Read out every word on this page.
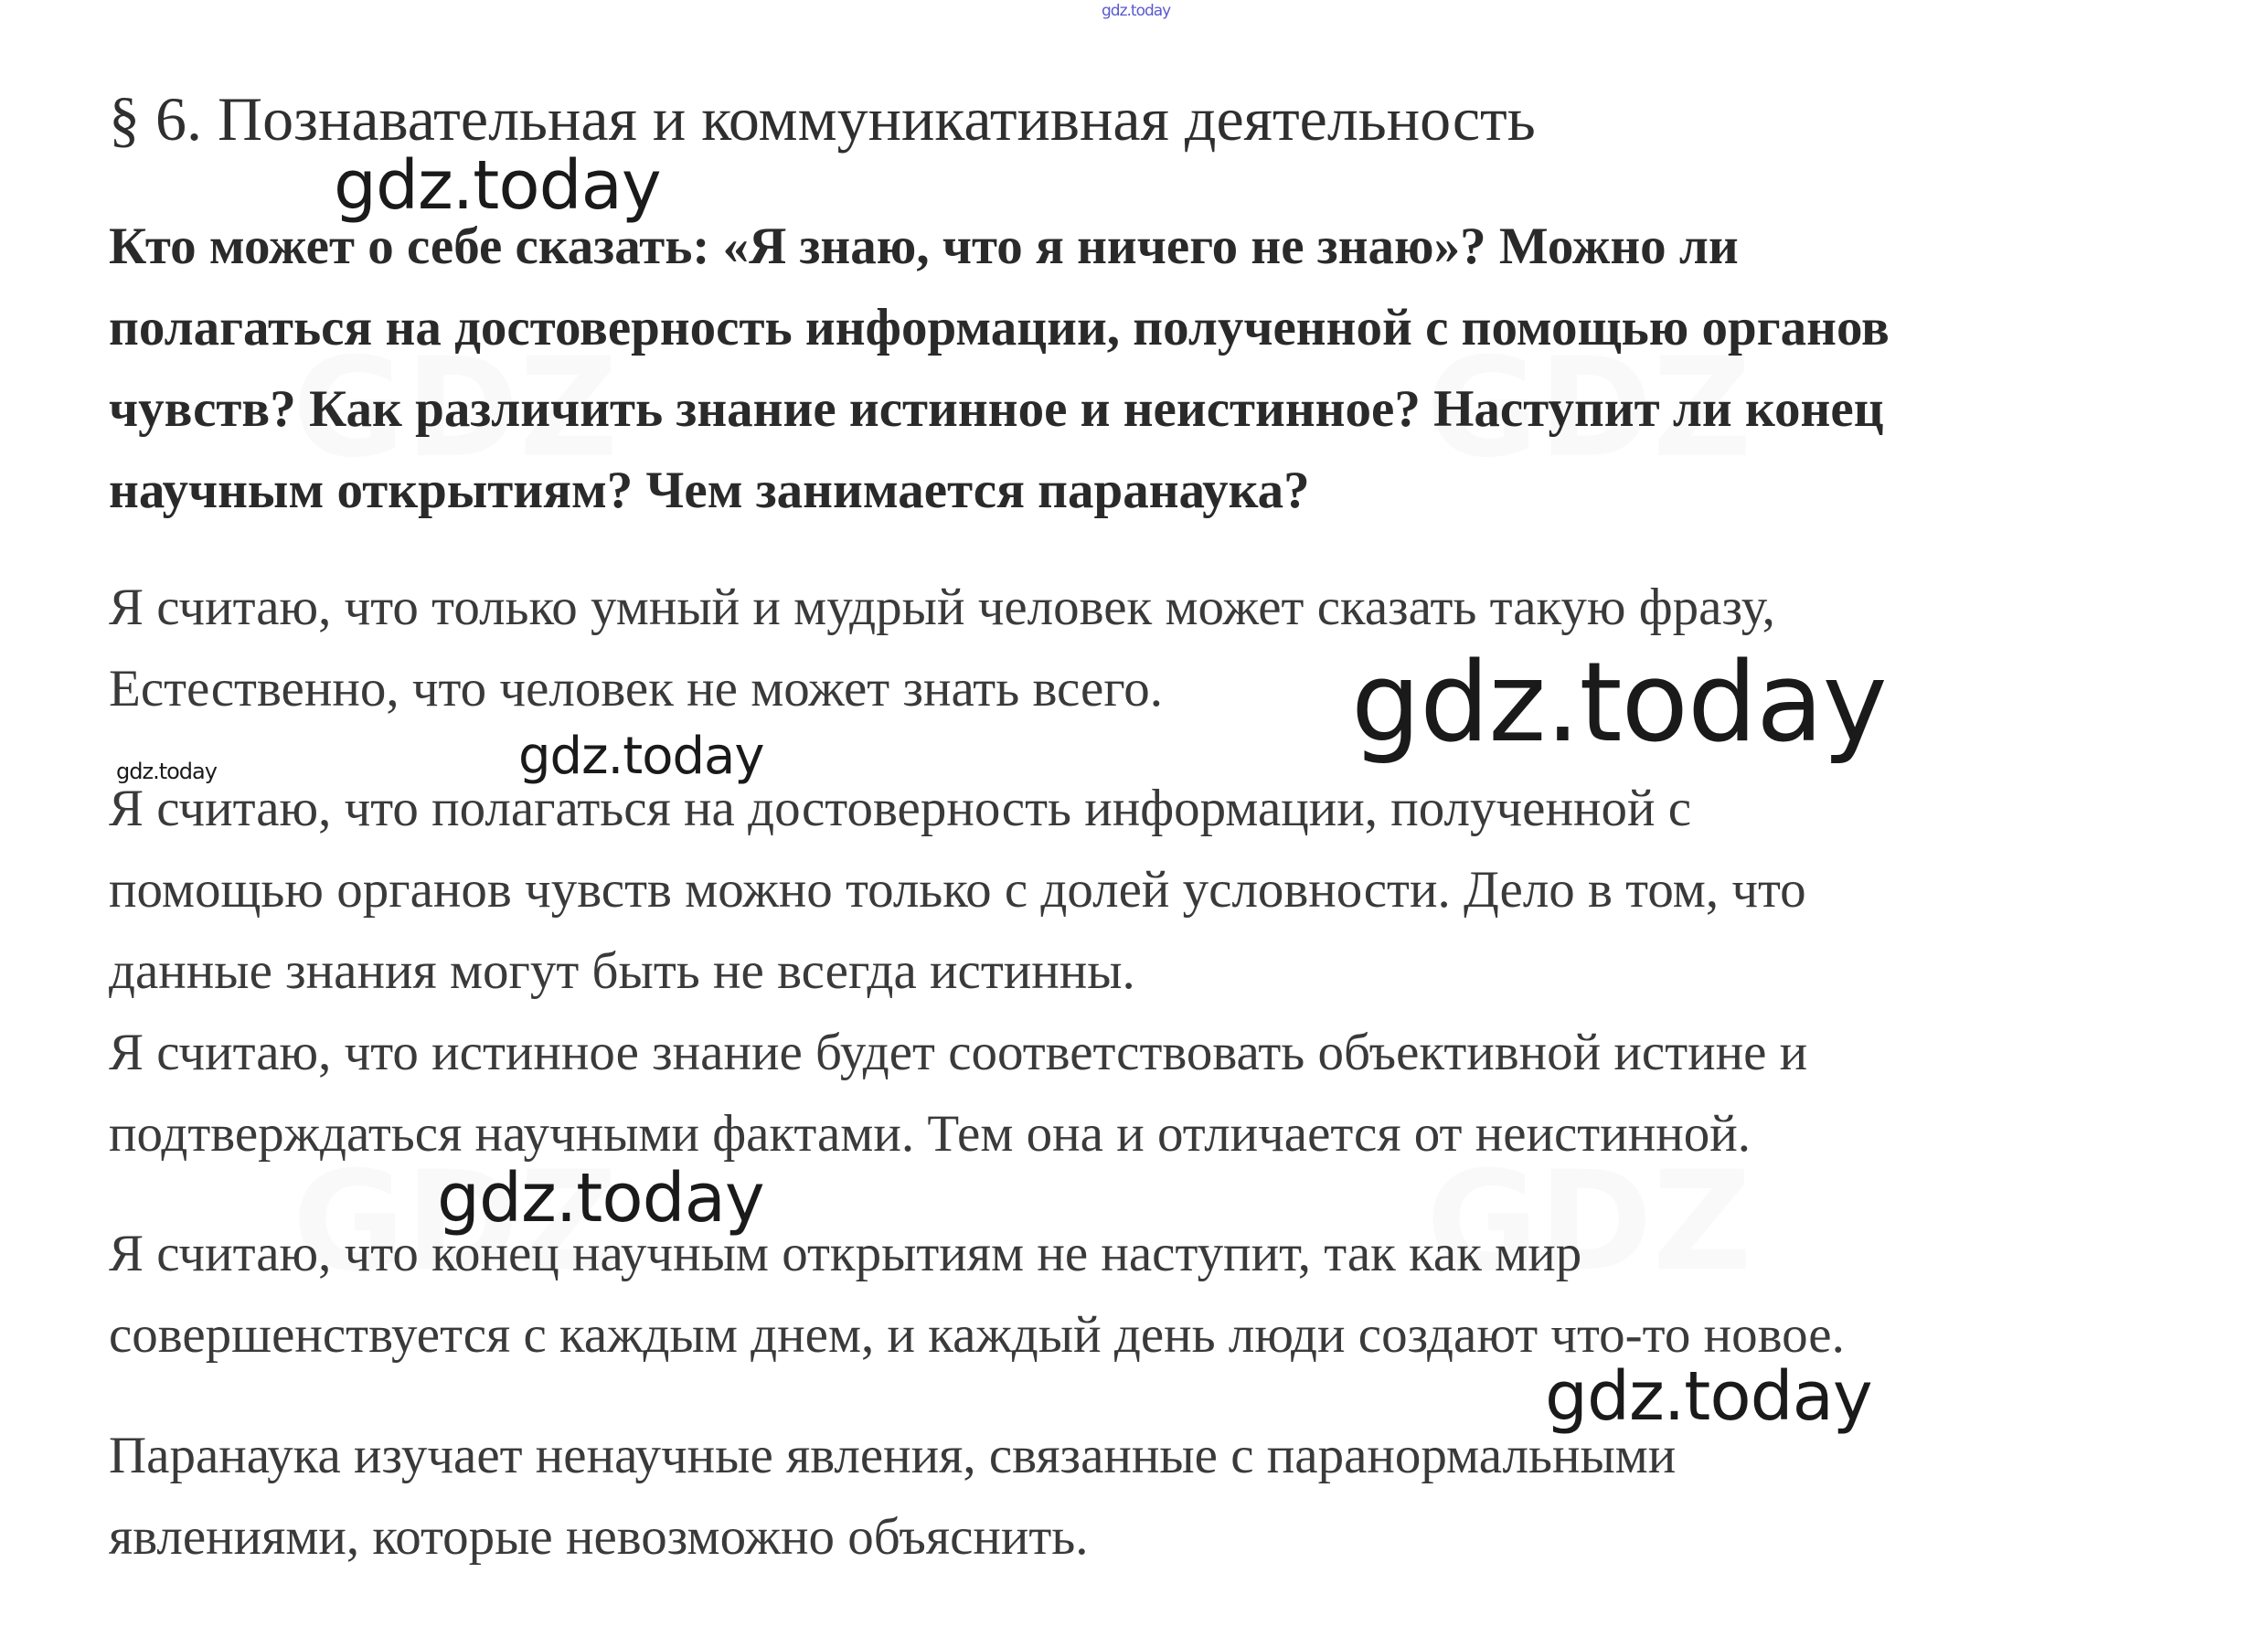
§ 6. Познавательная и коммуникативная деятельность

Кто может о себе сказать: «Я знаю, что я ничего не знаю»? Можно ли
полагаться на достоверность информации, полученной с помощью органов
чувств? Как различить знание истинное и неистинное? Наступит ли конец
научным открытиям? Чем занимается паранаука?

Я считаю, что только умный и мудрый человек может сказать такую фразу,
Естественно, что человек не может знать всего.

Я считаю, что полагаться на достоверность информации, полученной с
помощью органов чувств можно только с долей условности. Дело в том, что
данные знания могут быть не всегда истинны.
Я считаю, что истинное знание будет соответствовать объективной истине и
подтверждаться научными фактами. Тем она и отличается от неистинной.

Я считаю, что конец научным открытиям не наступит, так как мир
совершенствуется с каждым днем, и каждый день люди создают что-то новое.

Паранаука изучает ненаучные явления, связанные с паранормальными
явлениями, которые невозможно объяснить.

gdz.today
gdz.today
gdz.today
gdz.today
gdz.today
gdz.today
gdz.today
